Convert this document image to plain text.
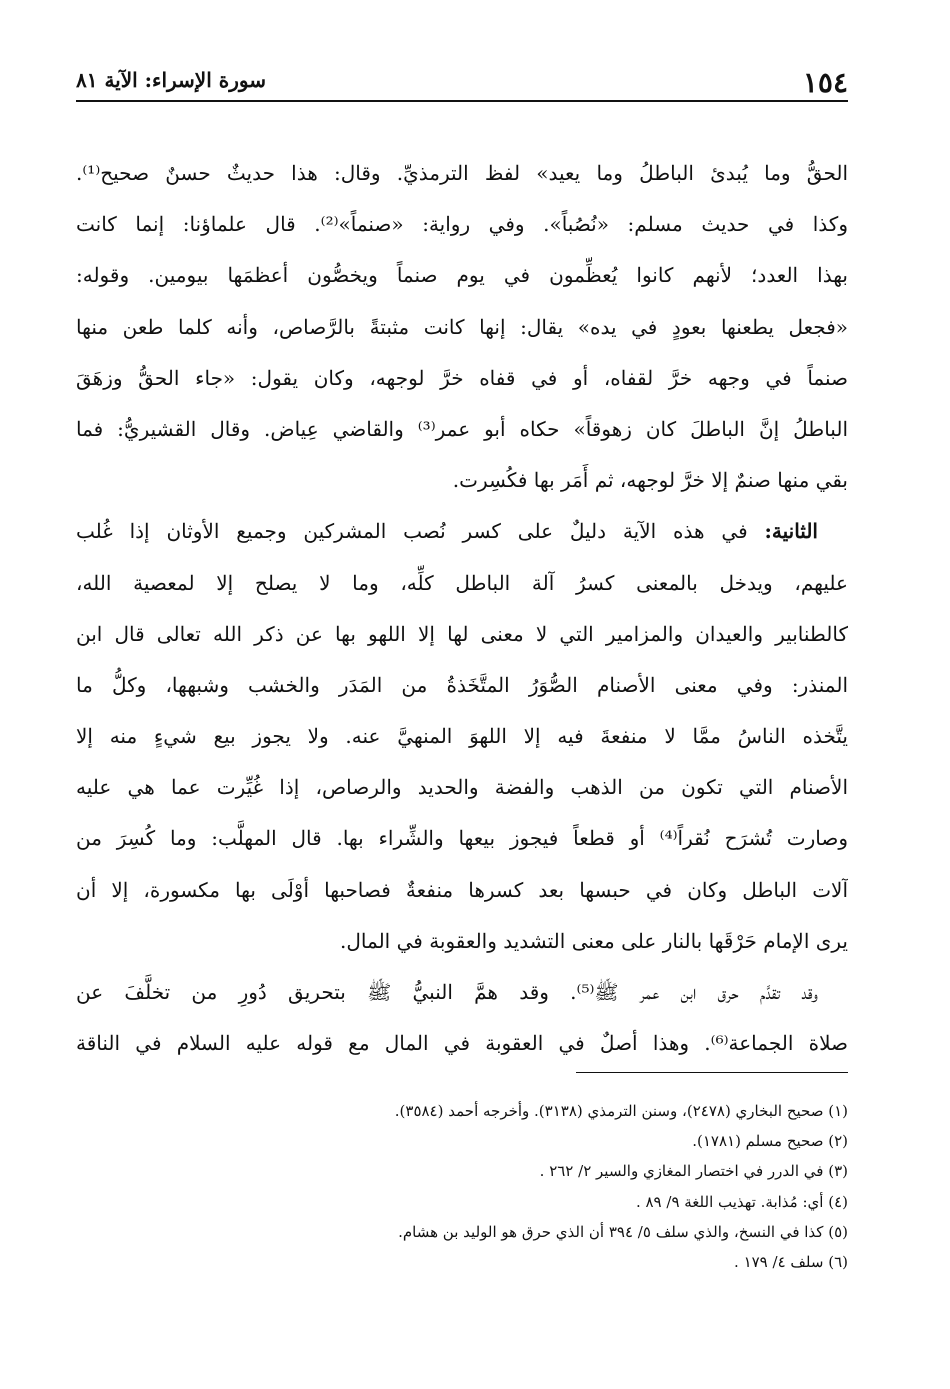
١٥٤
سورة الإسراء: الآية ٨١
الحقُّ وما يُبدئ الباطلُ وما يعيد» لفظ الترمذيِّ. وقال: هذا حديثٌ حسنٌ صحيح⁽¹⁾.
وكذا في حديث مسلم: «نُصُباً». وفي رواية: «صنماً»⁽²⁾. قال علماؤنا: إنما كانت
بهذا العدد؛ لأنهم كانوا يُعظِّمون في يوم صنماً ويخصُّون أعظمَها بيومين. وقوله:
«فجعل يطعنها بعودٍ في يده» يقال: إنها كانت مثبتةً بالرَّصاص، وأنه كلما طعن منها
صنماً في وجهه خرَّ لقفاه، أو في قفاه خرَّ لوجهه، وكان يقول: «جاء الحقُّ وزهَقَ
الباطلُ إنَّ الباطلَ كان زهوقاً» حكاه أبو عمر⁽³⁾ والقاضي عِياض. وقال القشيريُّ: فما
بقي منها صنمٌ إلا خرَّ لوجهه، ثم أَمَر بها فكُسِرت.
الثانية: في هذه الآية دليلٌ على كسر نُصب المشركين وجميع الأوثان إذا غُلب
عليهم، ويدخل بالمعنى كسرُ آلة الباطل كلِّه، وما لا يصلح إلا لمعصية الله،
كالطنابير والعيدان والمزامير التي لا معنى لها إلا اللهو بها عن ذكر الله تعالى قال ابن
المنذر: وفي معنى الأصنام الصُّوَرُ المتَّخَذةُ من المَدَر والخشب وشبهها، وكلُّ ما
يتَّخذه الناسُ ممَّا لا منفعةَ فيه إلا اللهوَ المنهيَّ عنه. ولا يجوز بيع شيءٍ منه إلا
الأصنام التي تكون من الذهب والفضة والحديد والرصاص، إذا غُيِّرت عما هي عليه
وصارت تُشرَح نُقراً⁽⁴⁾ أو قطعاً فيجوز بيعها والشِّراء بها. قال المهلَّب: وما كُسِرَ من
آلات الباطل وكان في حبسها بعد كسرها منفعةٌ فصاحبها أوْلَى بها مكسورة، إلا أن
يرى الإمام حَرْقَها بالنار على معنى التشديد والعقوبة في المال.
وقد تقدَّم حرق ابن عمر ﷺ⁽⁵⁾. وقد همَّ النبيُّ ﷺ بتحريق دُورِ من تخلَّفَ عن
صلاة الجماعة⁽⁶⁾. وهذا أصلٌ في العقوبة في المال مع قوله عليه السلام في الناقة
(١) صحيح البخاري (٢٤٧٨)، وسنن الترمذي (٣١٣٨). وأخرجه أحمد (٣٥٨٤).
(٢) صحيح مسلم (١٧٨١).
(٣) في الدرر في اختصار المغازي والسير ٢/ ٢٦٢ .
(٤) أي: مُذابة. تهذيب اللغة ٩/ ٨٩ .
(٥) كذا في النسخ، والذي سلف ٥/ ٣٩٤ أن الذي حرق هو الوليد بن هشام.
(٦) سلف ٤/ ١٧٩ .
